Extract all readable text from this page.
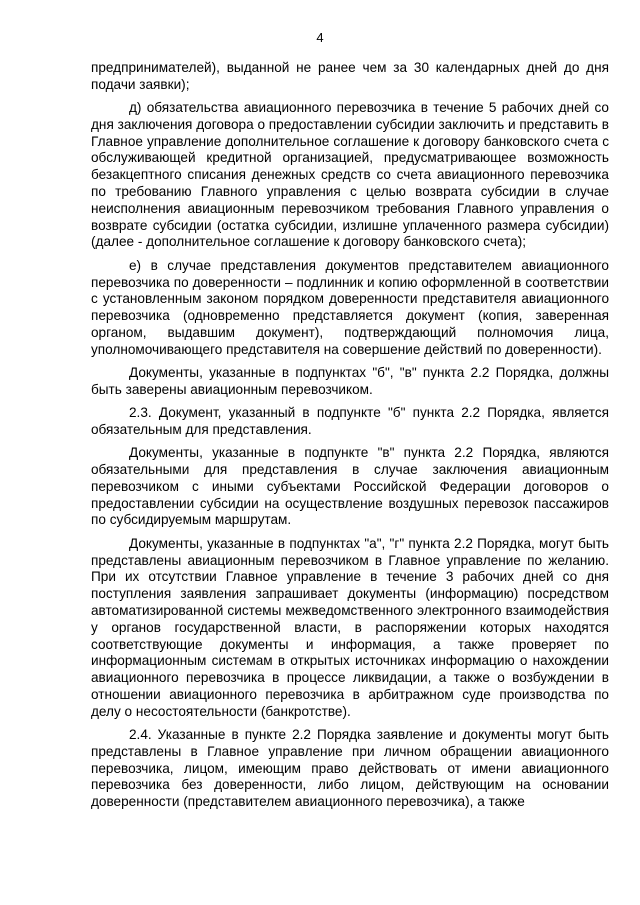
4

предпринимателей), выданной не ранее чем за 30 календарных дней до дня подачи заявки);

д) обязательства авиационного перевозчика в течение 5 рабочих дней со дня заключения договора о предоставлении субсидии заключить и представить в Главное управление дополнительное соглашение к договору банковского счета с обслуживающей кредитной организацией, предусматривающее возможность безакцептного списания денежных средств со счета авиационного перевозчика по требованию Главного управления с целью возврата субсидии в случае неисполнения авиационным перевозчиком требования Главного управления о возврате субсидии (остатка субсидии, излишне уплаченного размера субсидии) (далее - дополнительное соглашение к договору банковского счета);

е) в случае представления документов представителем авиационного перевозчика по доверенности – подлинник и копию оформленной в соответствии с установленным законом порядком доверенности представителя авиационного перевозчика (одновременно представляется документ (копия, заверенная органом, выдавшим документ), подтверждающий полномочия лица, уполномочивающего представителя на совершение действий по доверенности).

Документы, указанные в подпунктах "б", "в" пункта 2.2 Порядка, должны быть заверены авиационным перевозчиком.

2.3. Документ, указанный в подпункте "б" пункта 2.2 Порядка, является обязательным для представления.

Документы, указанные в подпункте "в" пункта 2.2 Порядка, являются обязательными для представления в случае заключения авиационным перевозчиком с иными субъектами Российской Федерации договоров о предоставлении субсидии на осуществление воздушных перевозок пассажиров по субсидируемым маршрутам.

Документы, указанные в подпунктах "а", "г" пункта 2.2 Порядка, могут быть представлены авиационным перевозчиком в Главное управление по желанию. При их отсутствии Главное управление в течение 3 рабочих дней со дня поступления заявления запрашивает документы (информацию) посредством автоматизированной системы межведомственного электронного взаимодействия у органов государственной власти, в распоряжении которых находятся соответствующие документы и информация, а также проверяет по информационным системам в открытых источниках информацию о нахождении авиационного перевозчика в процессе ликвидации, а также о возбуждении в отношении авиационного перевозчика в арбитражном суде производства по делу о несостоятельности (банкротстве).

2.4. Указанные в пункте 2.2 Порядка заявление и документы могут быть представлены в Главное управление при личном обращении авиационного перевозчика, лицом, имеющим право действовать от имени авиационного перевозчика без доверенности, либо лицом, действующим на основании доверенности (представителем авиационного перевозчика), а также
